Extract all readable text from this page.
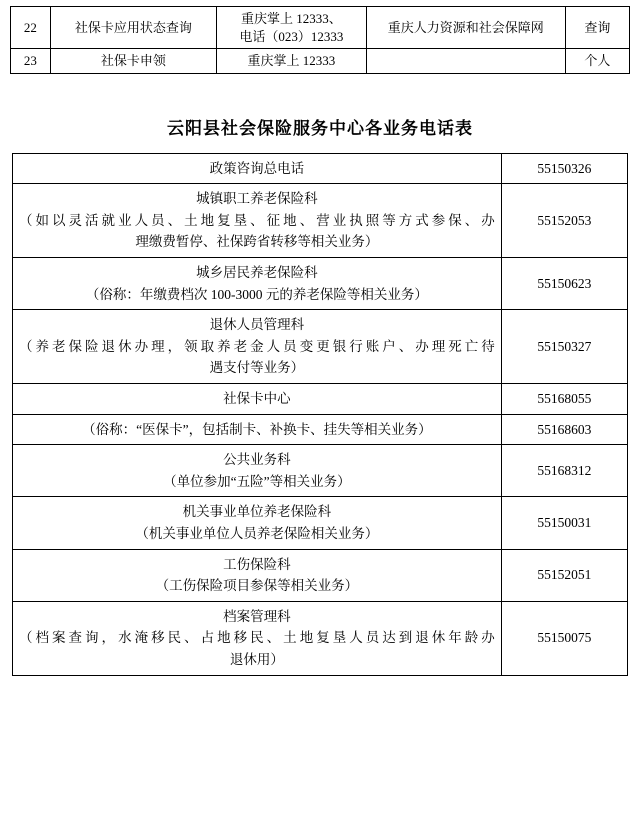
22	社保卡应用状态查询	重庆掌上 12333、
电话（023）12333	重庆人力资源和社会保障网	查询
23	社保卡申领	重庆掌上 12333		个人
云阳县社会保险服务中心各业务电话表
政策咨询总电话	55150326

城镇职工养老保险科
（如以灵活就业人员、土地复垦、征地、营业执照等方式参保、办
理缴费暂停、社保跨省转移等相关业务）	55152053

城乡居民养老保险科
（俗称：年缴费档次 100-3000 元的养老保险等相关业务）	55150623

退休人员管理科
（养老保险退休办理，领取养老金人员变更银行账户、办理死亡待
遇支付等业务）	55150327

社保卡中心	55168055

（俗称：“医保卡”，包括制卡、补换卡、挂失等相关业务）	55168603

公共业务科
（单位参加“五险”等相关业务）	55168312

机关事业单位养老保险科
（机关事业单位人员养老保险相关业务）	55150031

工伤保险科
（工伤保险项目参保等相关业务）	55152051

档案管理科
（档案查询，水淹移民、占地移民、土地复垦人员达到退休年龄办
退休用）	55150075
